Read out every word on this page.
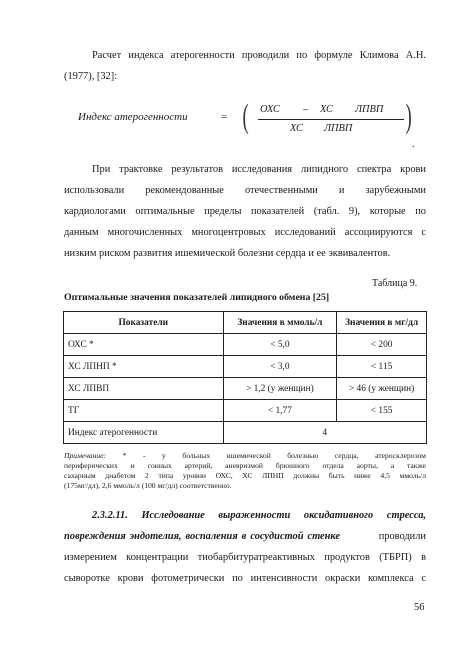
Расчет индекса атерогенности проводили по формуле Климова А.Н.
(1977), [32]:
Индекс атерогенности	= ( ОХС – ХС ЛПВП
ХС ЛПВП )
.
При трактовке результатов исследования липидного спектра крови
использовали рекомендованные отечественными и зарубежными
кардиологами оптимальные пределы показателей (табл. 9), которые по
данным многочисленных многоцентровых исследований ассоциируются с
низким риском развития ишемической болезни сердца и ее эквивалентов.
Таблица 9.
Оптимальные значения показателей липидного обмена [25]
Показатели	Значения в ммоль/л	Значения в мг/дл
ОХС *	< 5,0	< 200
ХС ЛПНП *	< 3,0	< 115
ХС ЛПВП	> 1,2 (у женщин)	> 46 (у женщин)
ТГ	< 1,77	< 155
Индекс атерогенности	4	
Примечание: * - у больных ишемической болезнью сердца, атеросклерозом
периферических и сонных артерий, аневризмой брюшного отдела аорты, а также
сахарным диабетом 2 типа уровни ОХС, ХС ЛПНП должны быть ниже 4,5 ммоль/л
(175мг/дл), 2,6 ммоль/л (100 мг/дл) соответственно.
2.3.2.11. Исследование выраженности оксидативного стресса,
повреждения эндотелия, воспаления в сосудистой стенке	проводили
измерением концентрации тиобарбитуратреактивных продуктов (ТБРП) в
сыворотке крови фотометрически по интенсивности окраски комплекса с
56
